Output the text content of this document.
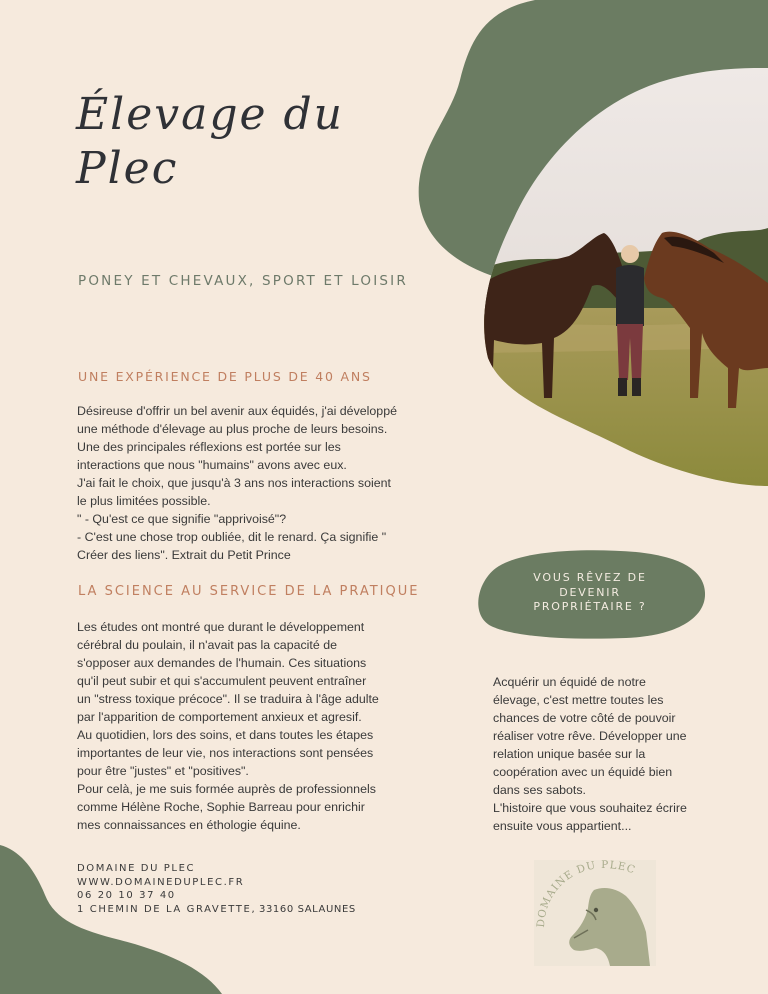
Élevage du
Plec
PONEY ET CHEVAUX, SPORT ET LOISIR
UNE EXPÉRIENCE DE PLUS DE 40 ANS
Désireuse d'offrir un bel avenir aux équidés, j'ai développé
une méthode d'élevage au plus proche de leurs besoins.
Une des principales réflexions est portée sur les
interactions que nous "humains" avons avec eux.
J'ai fait le choix, que jusqu'à 3 ans nos interactions soient
le plus limitées possible.
" - Qu'est ce que signifie "apprivoisé"?
- C'est une chose trop oubliée, dit le renard. Ça signifie "
Créer des liens". Extrait du Petit Prince
LA SCIENCE AU SERVICE DE LA PRATIQUE
Les études ont montré que durant le développement
cérébral du poulain, il n'avait pas la capacité de
s'opposer aux demandes de l'humain. Ces situations
qu'il peut subir et qui s'accumulent peuvent entraîner
un "stress toxique précoce". Il se traduira à l'âge adulte
par l'apparition de comportement anxieux et agresif.
Au quotidien, lors des soins, et dans toutes les étapes
importantes de leur vie, nos interactions sont pensées
pour être "justes" et "positives".
Pour celà, je me suis formée auprès de professionnels
comme Hélène Roche, Sophie Barreau pour enrichir
mes connaissances en éthologie équine.
VOUS RÊVEZ DE
DEVENIR
PROPRIÉTAIRE ?
Acquérir un équidé de notre
élevage, c'est mettre toutes les
chances de votre côté de pouvoir
réaliser votre rêve. Développer une
relation unique basée sur la
coopération avec un équidé bien
dans ses sabots.
L'histoire que vous souhaitez écrire
ensuite vous appartient...
DOMAINE DU PLEC
WWW.DOMAINEDUPLEC.FR
06 20 10 37 40
1 CHEMIN DE LA GRAVETTE, 33160 SALAUNES
DOMAINE DU PLEC
